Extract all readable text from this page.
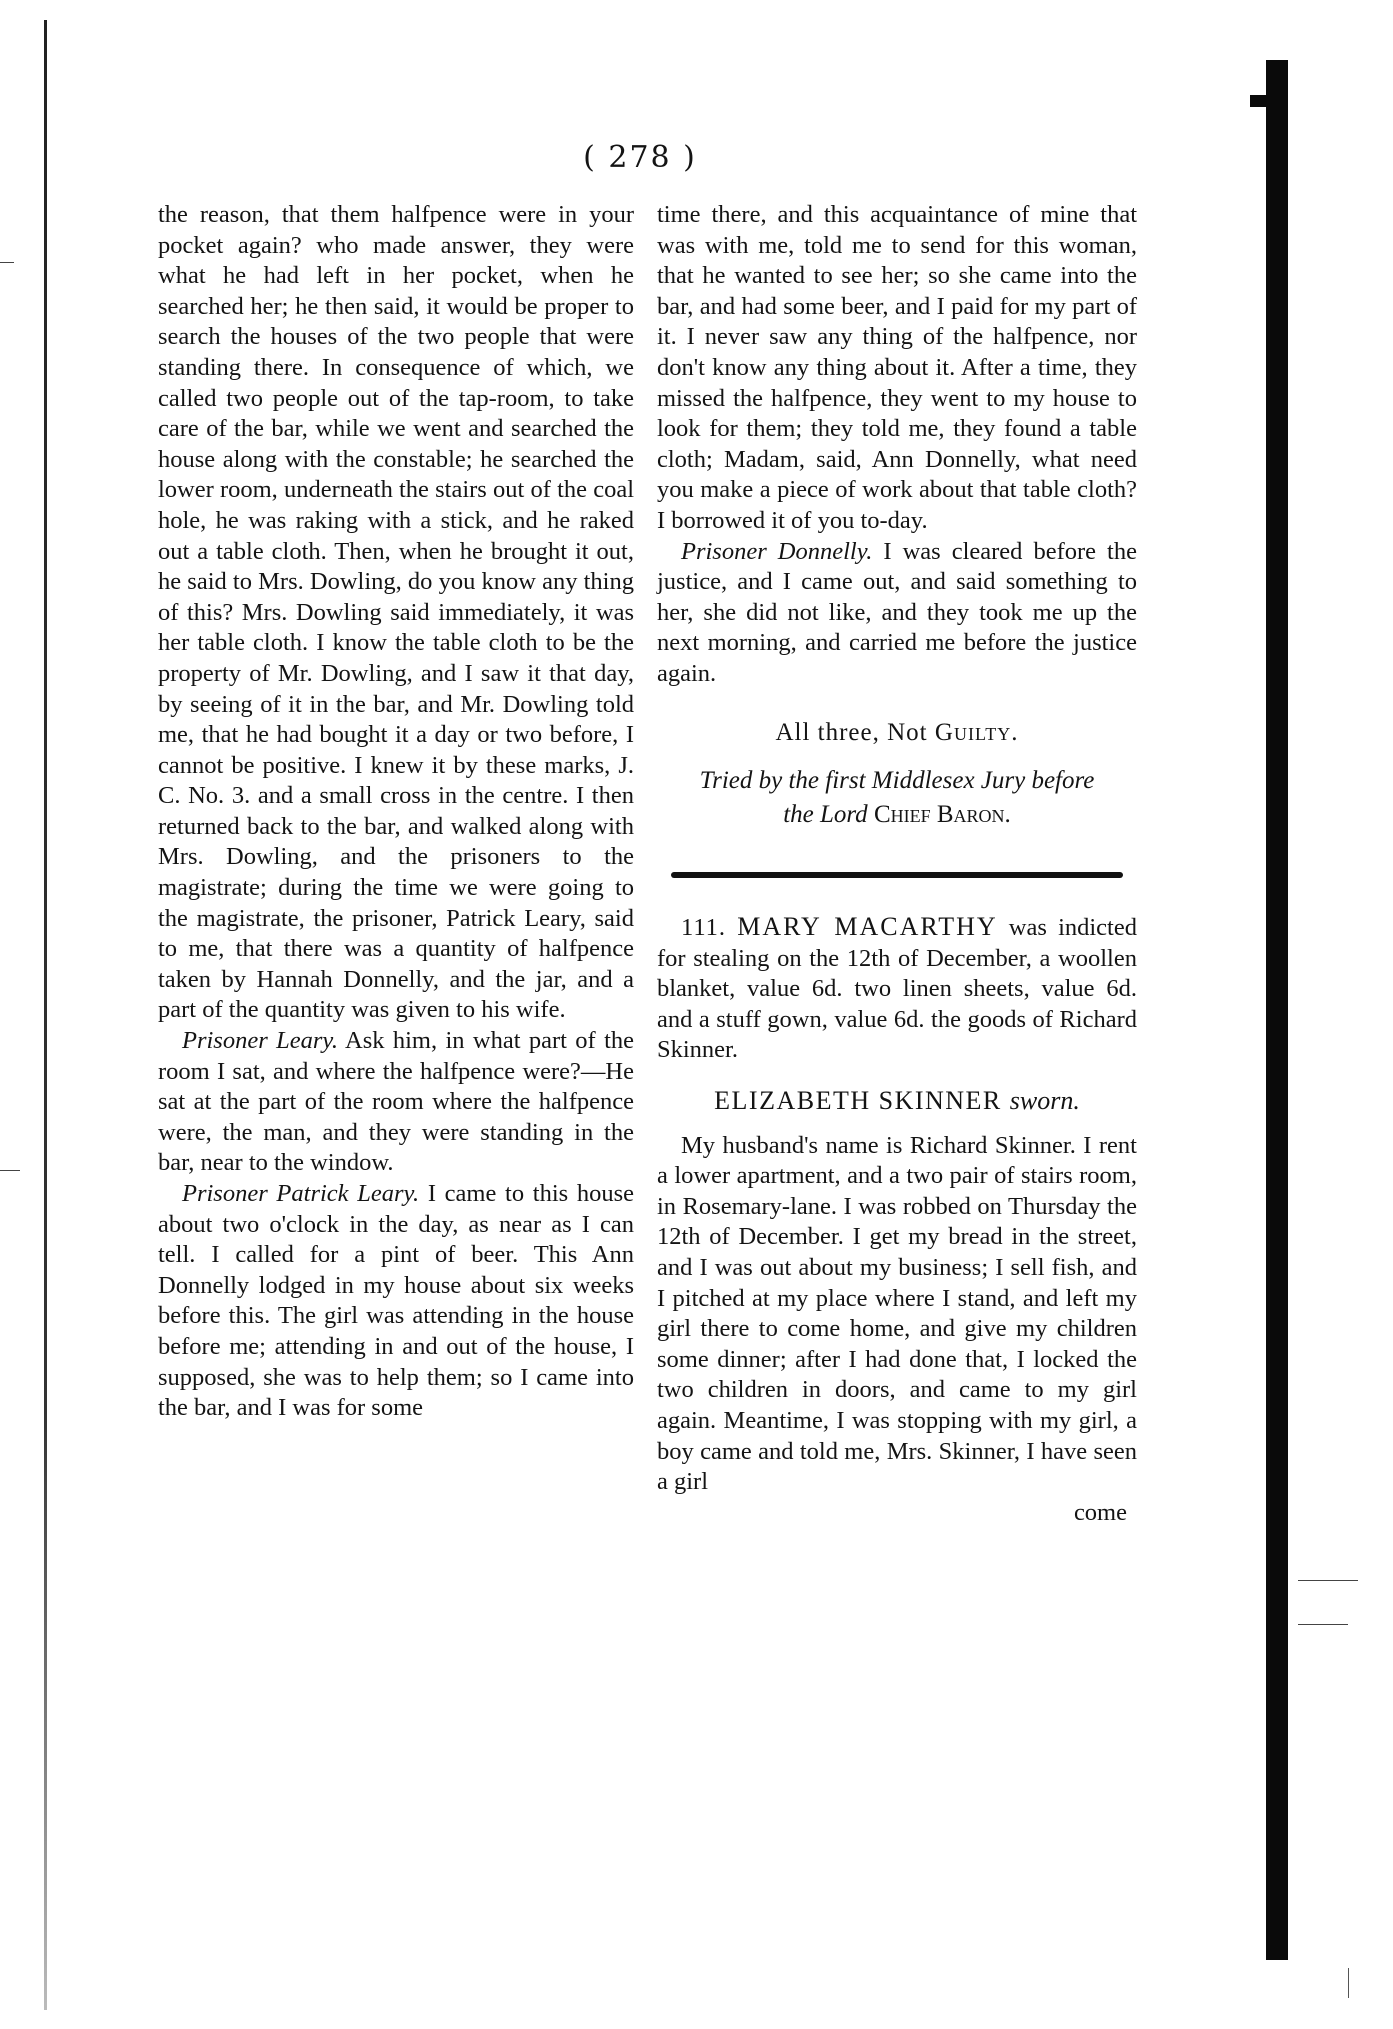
( 278 )

the reason, that them halfpence were in your pocket again? who made answer, they were what he had left in her pocket, when he searched her; he then said, it would be proper to search the houses of the two people that were standing there. In consequence of which, we called two people out of the tap-room, to take care of the bar, while we went and searched the house along with the constable; he searched the lower room, underneath the stairs out of the coal hole, he was raking with a stick, and he raked out a table cloth. Then, when he brought it out, he said to Mrs. Dowling, do you know any thing of this? Mrs. Dowling said immediately, it was her table cloth. I know the table cloth to be the property of Mr. Dowling, and I saw it that day, by seeing of it in the bar, and Mr. Dowling told me, that he had bought it a day or two before, I cannot be positive. I knew it by these marks, J. C. No. 3. and a small cross in the centre. I then returned back to the bar, and walked along with Mrs. Dowling, and the prisoners to the magistrate; during the time we were going to the magistrate, the prisoner, Patrick Leary, said to me, that there was a quantity of halfpence taken by Hannah Donnelly, and the jar, and a part of the quantity was given to his wife.

Prisoner Leary. Ask him, in what part of the room I sat, and where the halfpence were?—He sat at the part of the room where the halfpence were, the man, and they were standing in the bar, near to the window.

Prisoner Patrick Leary. I came to this house about two o'clock in the day, as near as I can tell. I called for a pint of beer. This Ann Donnelly lodged in my house about six weeks before this. The girl was attending in the house before me; attending in and out of the house, I supposed, she was to help them; so I came into the bar, and I was for some

time there, and this acquaintance of mine that was with me, told me to send for this woman, that he wanted to see her; so she came into the bar, and had some beer, and I paid for my part of it. I never saw any thing of the halfpence, nor don't know any thing about it. After a time, they missed the halfpence, they went to my house to look for them; they told me, they found a table cloth; Madam, said, Ann Donnelly, what need you make a piece of work about that table cloth? I borrowed it of you to-day.

Prisoner Donnelly. I was cleared before the justice, and I came out, and said something to her, she did not like, and they took me up the next morning, and carried me before the justice again.

All three, Not Guilty.
Tried by the first Middlesex Jury before
the Lord Chief Baron.

111. MARY MACARTHY was indicted for stealing on the 12th of December, a woollen blanket, value 6d. two linen sheets, value 6d. and a stuff gown, value 6d. the goods of Richard Skinner.

ELIZABETH SKINNER sworn.

My husband's name is Richard Skinner. I rent a lower apartment, and a two pair of stairs room, in Rosemary-lane. I was robbed on Thursday the 12th of December. I get my bread in the street, and I was out about my business; I sell fish, and I pitched at my place where I stand, and left my girl there to come home, and give my children some dinner; after I had done that, I locked the two children in doors, and came to my girl again. Meantime, I was stopping with my girl, a boy came and told me, Mrs. Skinner, I have seen a girl

come
